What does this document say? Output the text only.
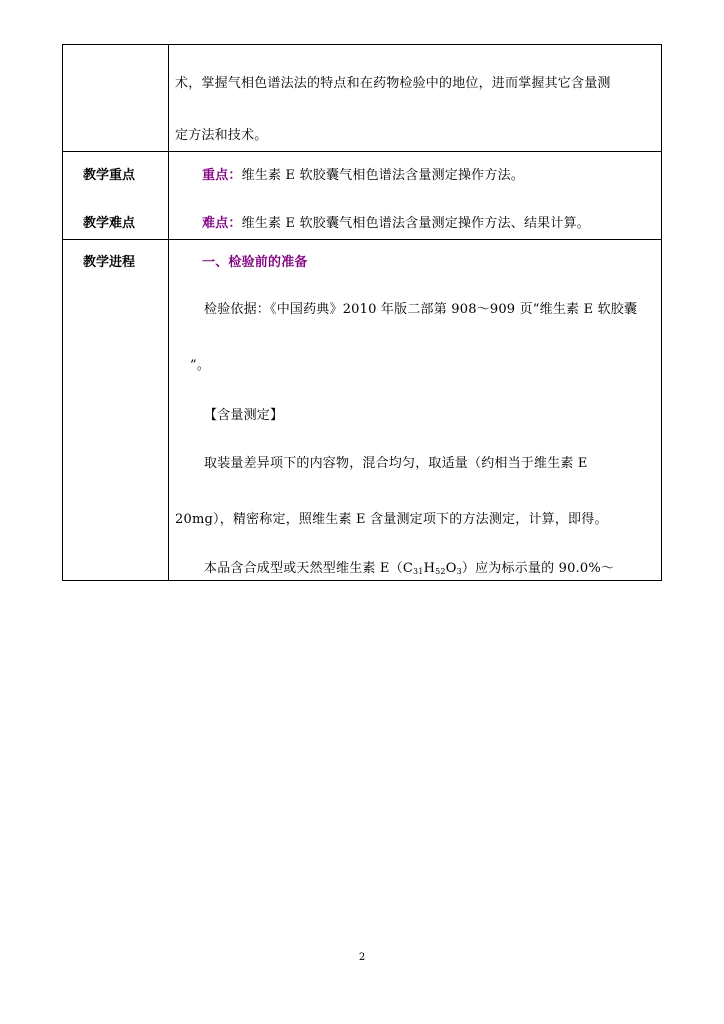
术，掌握气相色谱法法的特点和在药物检验中的地位，进而掌握其它含量测
定方法和技术。
教学重点
教学难点
重点：维生素 E 软胶囊气相色谱法含量测定操作方法。
难点：维生素 E 软胶囊气相色谱法含量测定操作方法、结果计算。
教学进程	一、检验前的准备
检验依据：《中国药典》2010 年版二部第 908～909 页“维生素 E 软胶囊
”。
【含量测定】
取装量差异项下的内容物，混合均匀，取适量（约相当于维生素 E
20mg），精密称定，照维生素 E 含量测定项下的方法测定，计算，即得。
本品含合成型或天然型维生素 $E(C_{31}H_{52}O_3)$应为标示量的 90.0%～
2
